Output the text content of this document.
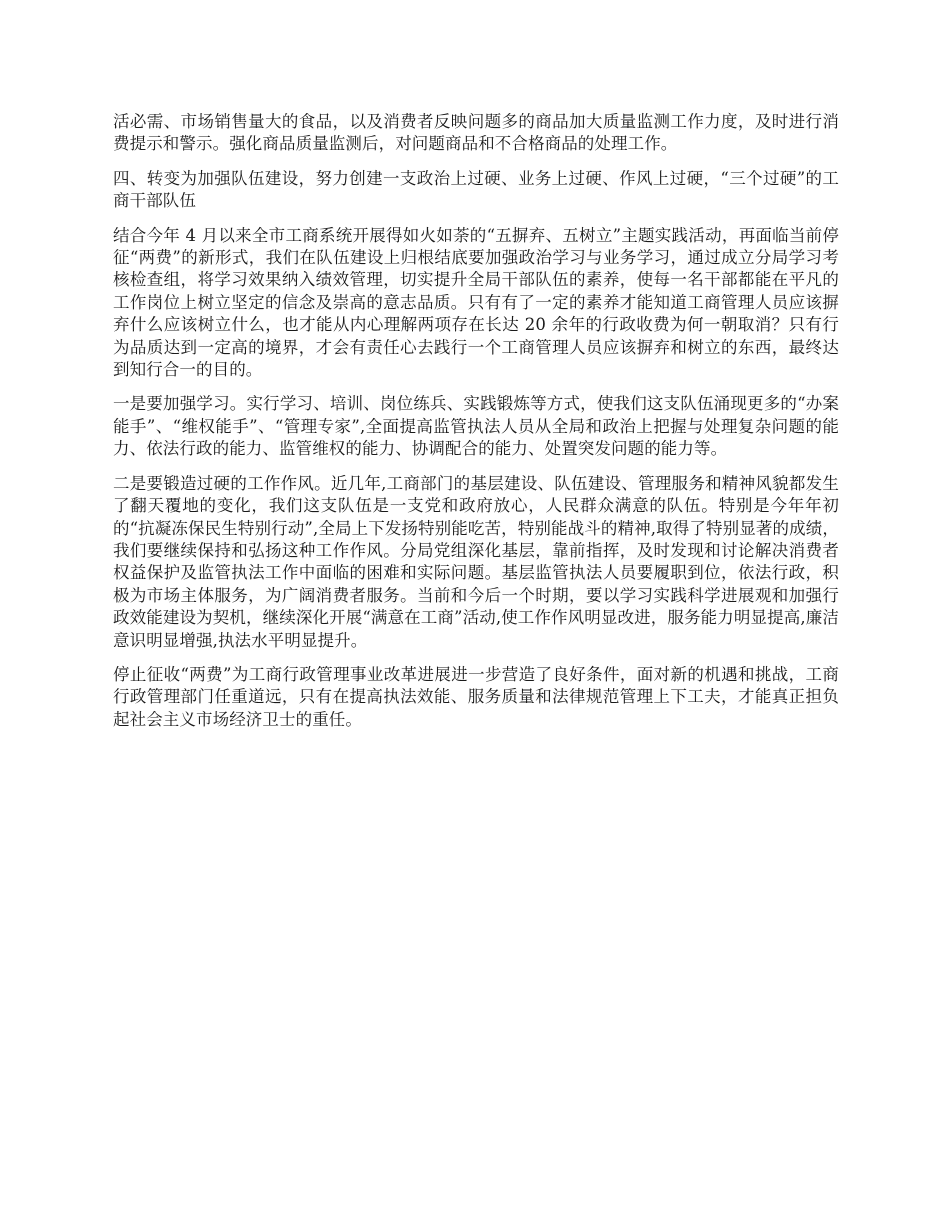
活必需、市场销售量大的食品，以及消费者反映问题多的商品加大质量监测工作力度，及时进行消费提示和警示。强化商品质量监测后，对问题商品和不合格商品的处理工作。

四、转变为加强队伍建设，努力创建一支政治上过硬、业务上过硬、作风上过硬，“三个过硬”的工商干部队伍

结合今年 4 月以来全市工商系统开展得如火如荼的“五摒弃、五树立”主题实践活动，再面临当前停征“两费”的新形式，我们在队伍建设上归根结底要加强政治学习与业务学习，通过成立分局学习考核检查组，将学习效果纳入绩效管理，切实提升全局干部队伍的素养，使每一名干部都能在平凡的工作岗位上树立坚定的信念及崇高的意志品质。只有有了一定的素养才能知道工商管理人员应该摒弃什么应该树立什么，也才能从内心理解两项存在长达 20 余年的行政收费为何一朝取消？只有行为品质达到一定高的境界，才会有责任心去践行一个工商管理人员应该摒弃和树立的东西，最终达到知行合一的目的。

一是要加强学习。实行学习、培训、岗位练兵、实践锻炼等方式，使我们这支队伍涌现更多的“办案能手”、“维权能手”、“管理专家”,全面提高监管执法人员从全局和政治上把握与处理复杂问题的能力、依法行政的能力、监管维权的能力、协调配合的能力、处置突发问题的能力等。

二是要锻造过硬的工作作风。近几年,工商部门的基层建设、队伍建设、管理服务和精神风貌都发生了翻天覆地的变化，我们这支队伍是一支党和政府放心，人民群众满意的队伍。特别是今年年初的“抗凝冻保民生特别行动”,全局上下发扬特别能吃苦，特别能战斗的精神,取得了特别显著的成绩，我们要继续保持和弘扬这种工作作风。分局党组深化基层，靠前指挥，及时发现和讨论解决消费者权益保护及监管执法工作中面临的困难和实际问题。基层监管执法人员要履职到位，依法行政，积极为市场主体服务，为广阔消费者服务。当前和今后一个时期，要以学习实践科学进展观和加强行政效能建设为契机，继续深化开展“满意在工商”活动,使工作作风明显改进，服务能力明显提高,廉洁意识明显增强,执法水平明显提升。

停止征收“两费”为工商行政管理事业改革进展进一步营造了良好条件，面对新的机遇和挑战，工商行政管理部门任重道远，只有在提高执法效能、服务质量和法律规范管理上下工夫，才能真正担负起社会主义市场经济卫士的重任。
